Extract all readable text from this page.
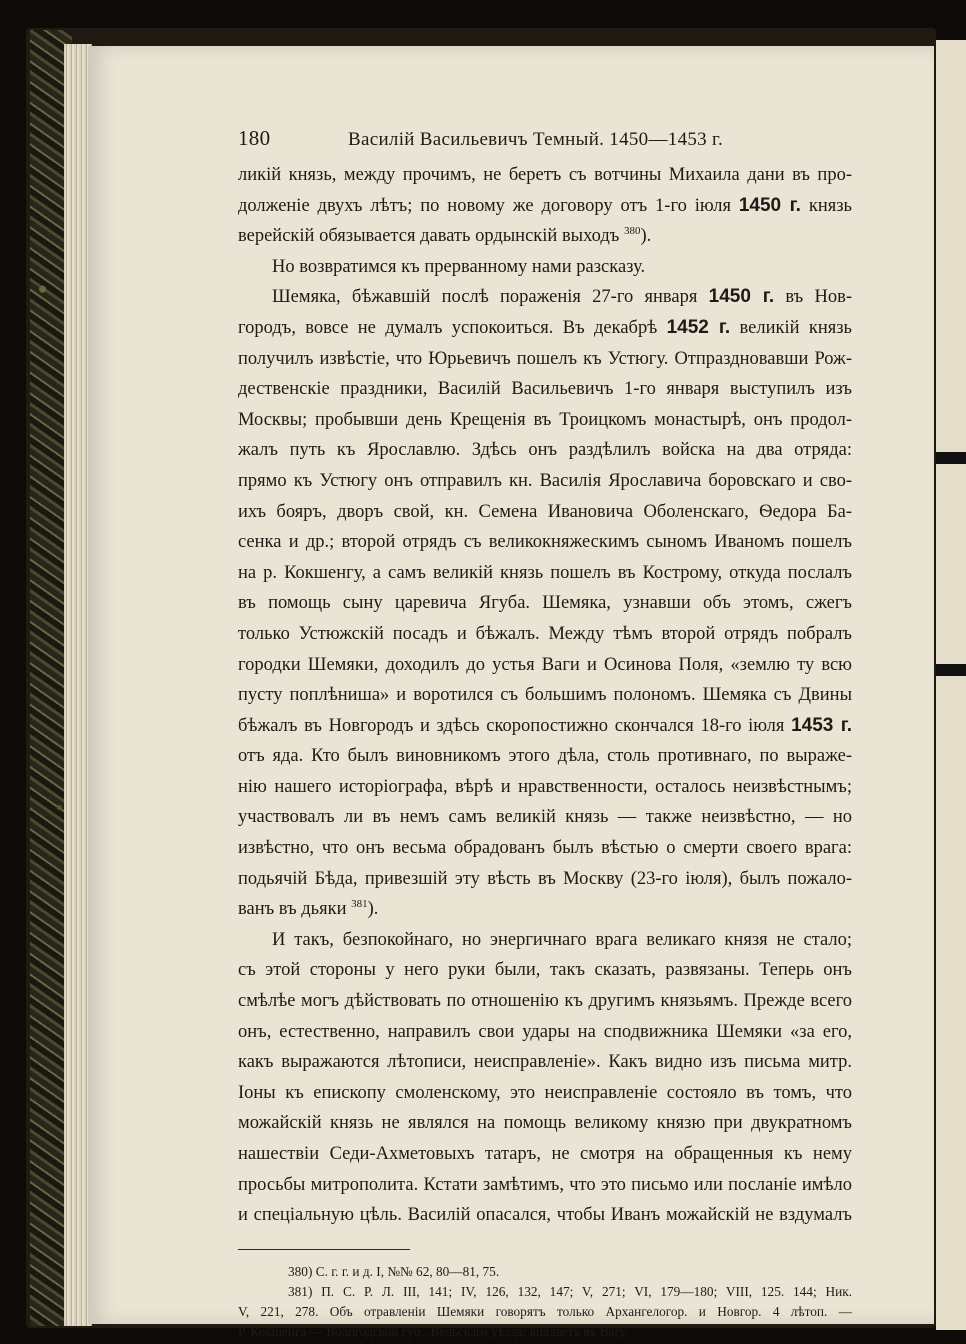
180	Василій Васильевичъ Темный. 1450—1453 г.
ликій князь, между прочимъ, не беретъ съ вотчины Михаила дани въ про-
долженіе двухъ лѣтъ; по новому же договору отъ 1-го іюля 1450 г. князь
верейскій обязывается давать ордынскій выходъ $^{380}$).
Но возвратимся къ прерванному нами разсказу.
Шемяка, бѣжавшій послѣ пораженія 27-го января 1450 г. въ Нов-
городъ, вовсе не думалъ успокоиться. Въ декабрѣ 1452 г. великій князь
получилъ извѣстіе, что Юрьевичъ пошелъ къ Устюгу. Отпраздновавши Рож-
дественскіе праздники, Василій Васильевичъ 1-го января выступилъ изъ
Москвы; пробывши день Крещенія въ Троицкомъ монастырѣ, онъ продол-
жалъ путь къ Ярославлю. Здѣсь онъ раздѣлилъ войска на два отряда:
прямо къ Устюгу онъ отправилъ кн. Василія Ярославича боровскаго и сво-
ихъ бояръ, дворъ свой, кн. Семена Ивановича Оболенскаго, Ѳедора Ба-
сенка и др.; второй отрядъ съ великокняжескимъ сыномъ Иваномъ пошелъ
на р. Кокшенгу, а самъ великій князь пошелъ въ Кострому, откуда послалъ
въ помощь сыну царевича Ягуба. Шемяка, узнавши объ этомъ, сжегъ
только Устюжскій посадъ и бѣжалъ. Между тѣмъ второй отрядъ побралъ
городки Шемяки, доходилъ до устья Ваги и Осинова Поля, «землю ту всю
пусту поплѣниша» и воротился съ большимъ полономъ. Шемяка съ Двины
бѣжалъ въ Новгородъ и здѣсь скоропостижно скончался 18-го іюля 1453 г.
отъ яда. Кто былъ виновникомъ этого дѣла, столь противнаго, по выраже-
нію нашего исторіографа, вѣрѣ и нравственности, осталось неизвѣстнымъ;
участвовалъ ли въ немъ самъ великій князь — также неизвѣстно, — но
извѣстно, что онъ весьма обрадованъ былъ вѣстью о смерти своего врага:
подьячій Бѣда, привезшій эту вѣсть въ Москву (23-го іюля), былъ пожало-
ванъ въ дьяки $^{381}$).
И такъ, безпокойнаго, но энергичнаго врага великаго князя не стало;
съ этой стороны у него руки были, такъ сказать, развязаны. Теперь онъ
смѣлѣе могъ дѣйствовать по отношенію къ другимъ князьямъ. Прежде всего
онъ, естественно, направилъ свои удары на сподвижника Шемяки «за его,
какъ выражаются лѣтописи, неисправленіе». Какъ видно изъ письма митр.
Іоны къ епископу смоленскому, это неисправленіе состояло въ томъ, что
можайскій князь не являлся на помощь великому князю при двукратномъ
нашествіи Седи-Ахметовыхъ татаръ, не смотря на обращенныя къ нему
просьбы митрополита. Кстати замѣтимъ, что это письмо или посланіе имѣло
и спеціальную цѣль. Василій опасался, чтобы Иванъ можайскій не вздумалъ
380) С. г. г. и д. I, №№ 62, 80—81, 75.
381) П. С. Р. Л. III, 141; IV, 126, 132, 147; V, 271; VI, 179—180; VIII, 125. 144; Ник.
V, 221, 278. Объ отравленіи Шемяки говорятъ только Архангелогор. и Новгор. 4 лѣтоп. —
Р. Кокшенга — Вологодской губ., Вельскаго уѣзда; впадаетъ въ Вагу.
